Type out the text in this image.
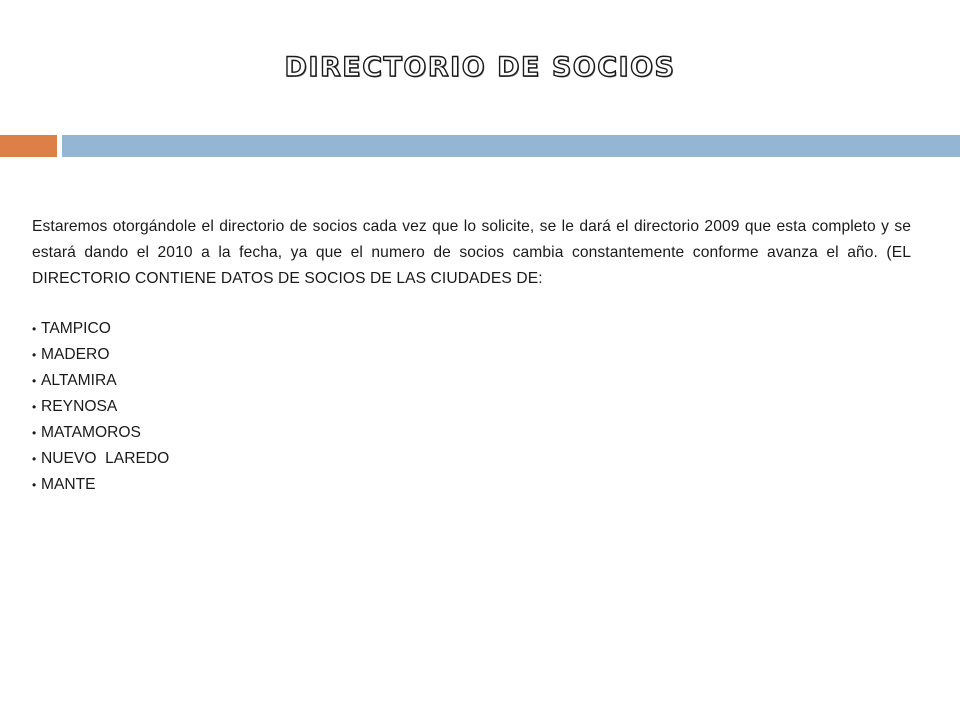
DIRECTORIO DE SOCIOS

Estaremos otorgándole el directorio de socios cada vez que lo solicite, se le dará el directorio 2009 que esta completo y se estará dando el 2010 a la fecha, ya que el numero de socios cambia constantemente conforme avanza el año. (EL DIRECTORIO CONTIENE DATOS DE SOCIOS DE LAS CIUDADES DE:

• TAMPICO
• MADERO
• ALTAMIRA
• REYNOSA
• MATAMOROS
• NUEVO  LAREDO
• MANTE
